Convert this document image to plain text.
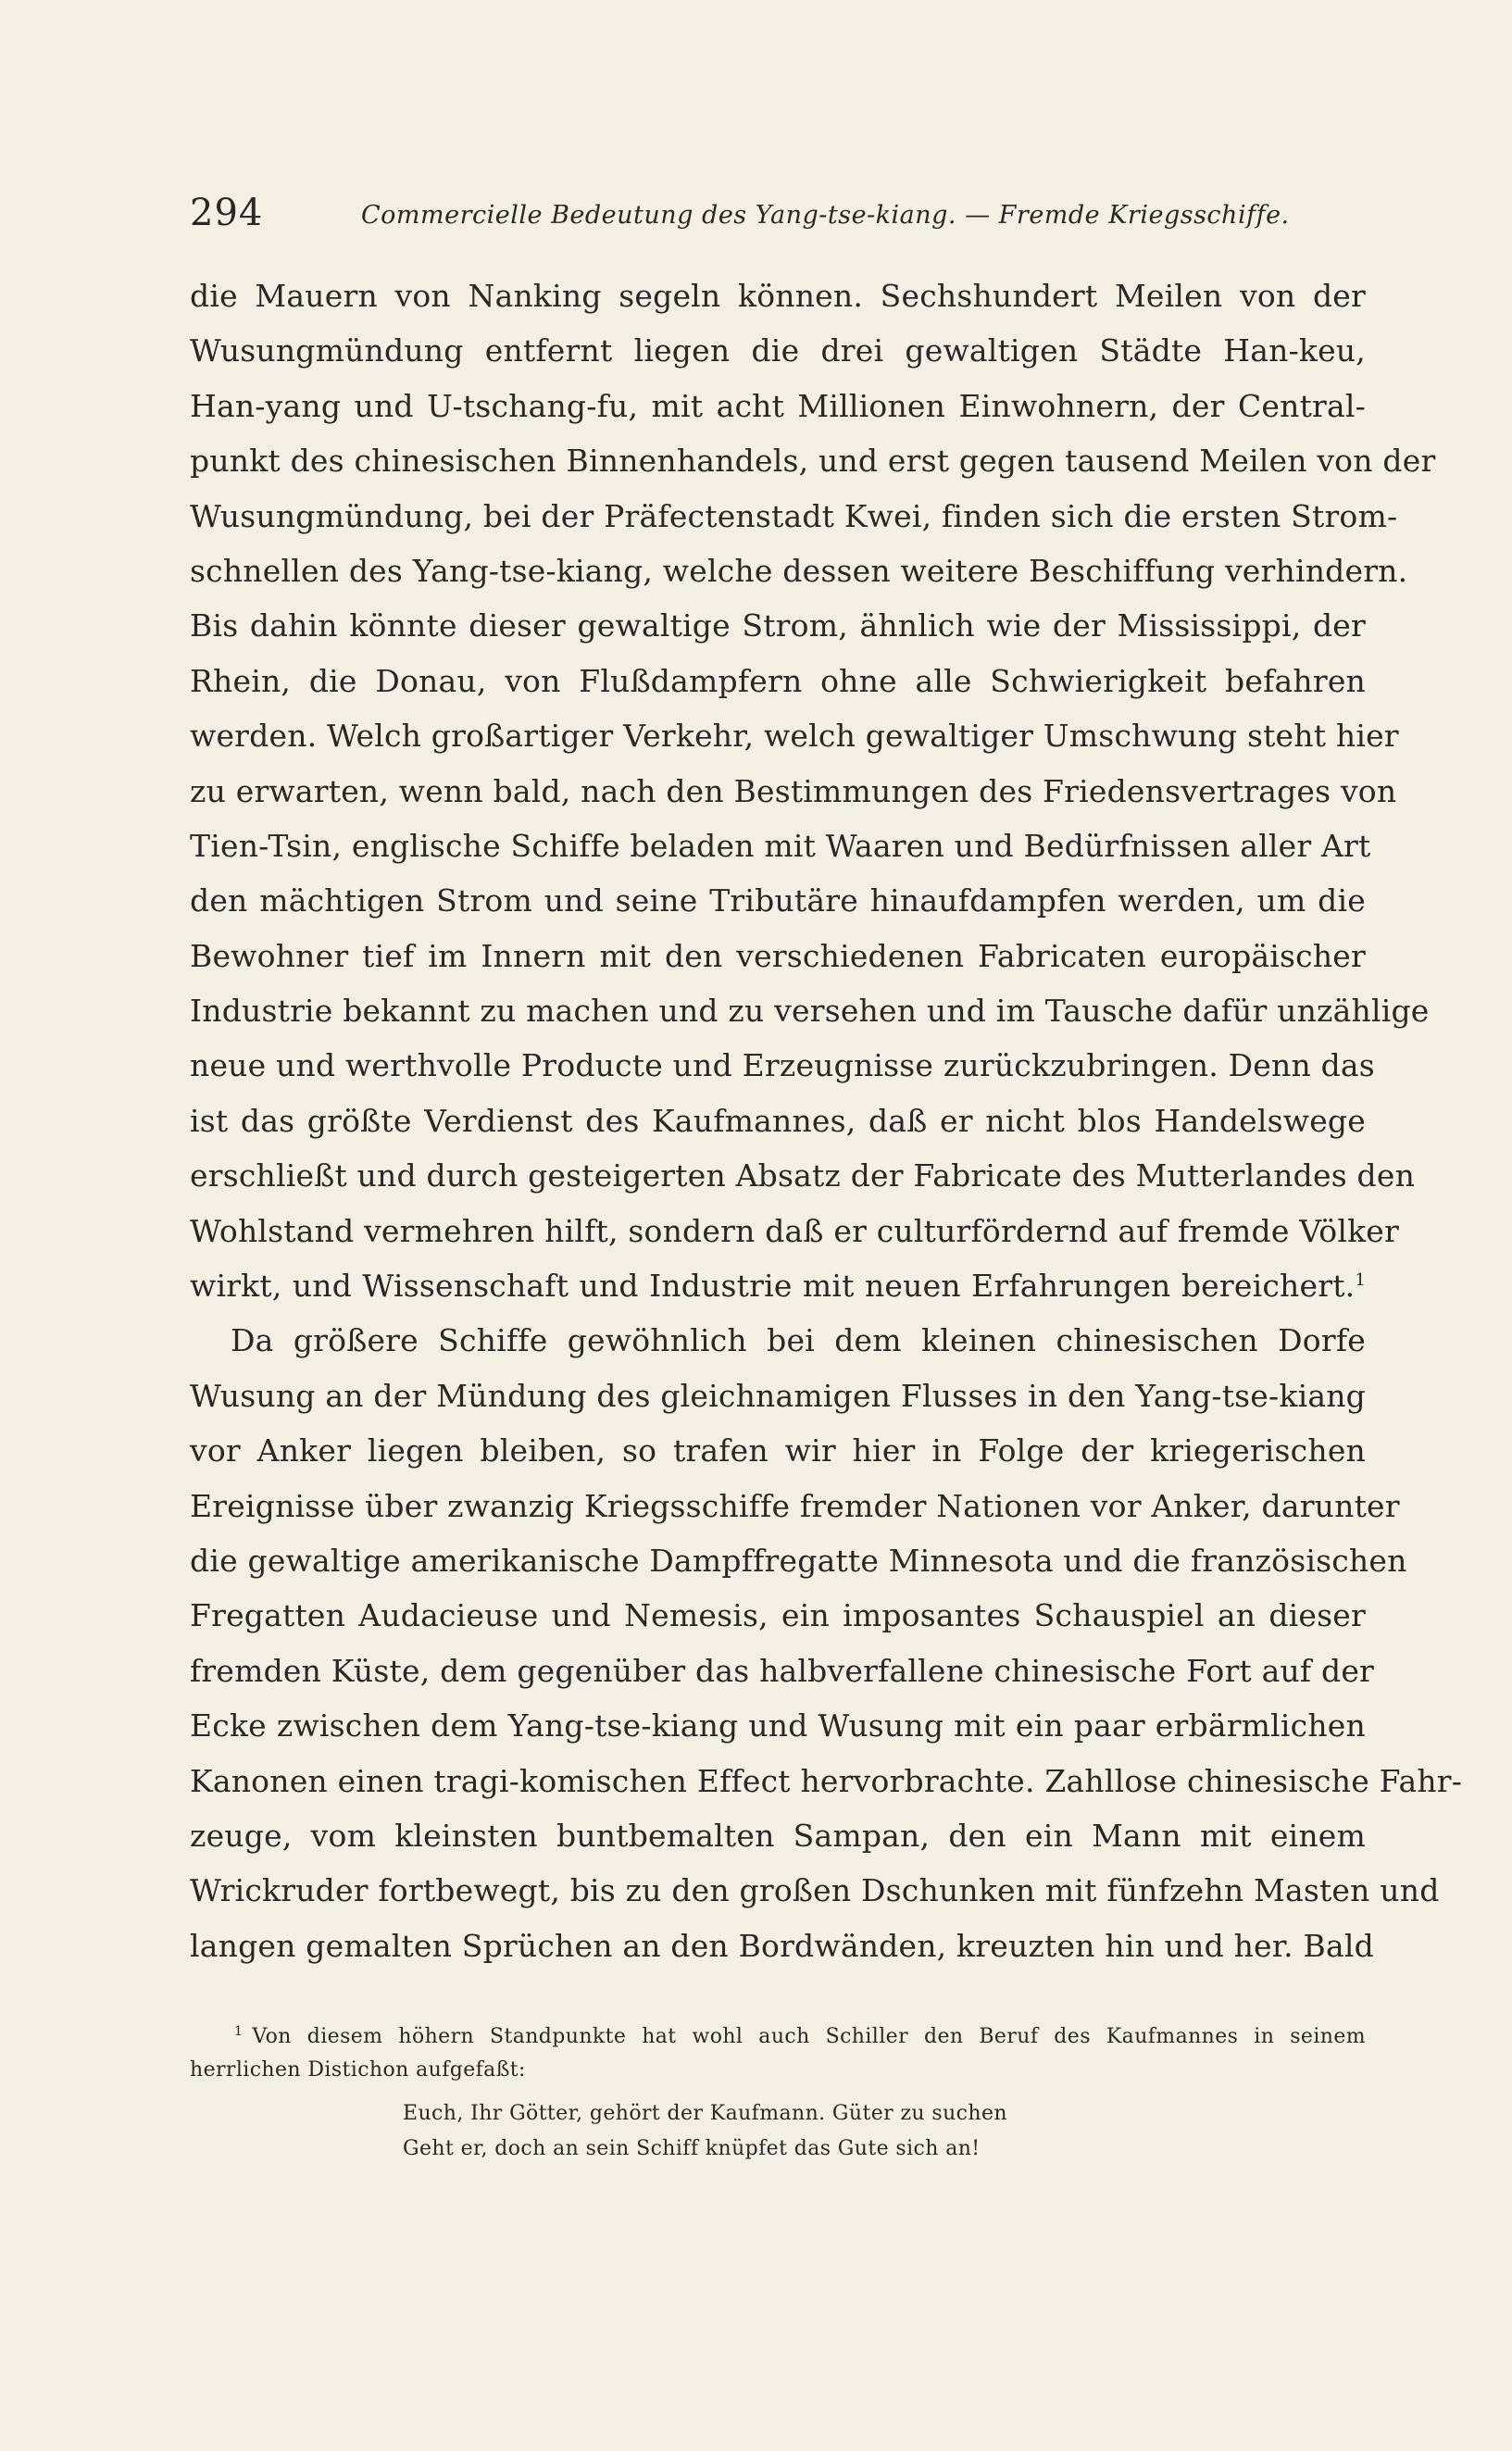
294	Commercielle Bedeutung des Yang-tse-kiang. — Fremde Kriegsschiffe.
die Mauern von Nanking segeln können. Sechshundert Meilen von der
Wusungmündung entfernt liegen die drei gewaltigen Städte Han-keu,
Han-yang und U-tschang-fu, mit acht Millionen Einwohnern, der Central-
punkt des chinesischen Binnenhandels, und erst gegen tausend Meilen von der
Wusungmündung, bei der Präfectenstadt Kwei, finden sich die ersten Strom-
schnellen des Yang-tse-kiang, welche dessen weitere Beschiffung verhindern.
Bis dahin könnte dieser gewaltige Strom, ähnlich wie der Mississippi, der
Rhein, die Donau, von Flußdampfern ohne alle Schwierigkeit befahren
werden. Welch großartiger Verkehr, welch gewaltiger Umschwung steht hier
zu erwarten, wenn bald, nach den Bestimmungen des Friedensvertrages von
Tien-Tsin, englische Schiffe beladen mit Waaren und Bedürfnissen aller Art
den mächtigen Strom und seine Tributäre hinaufdampfen werden, um die
Bewohner tief im Innern mit den verschiedenen Fabricaten europäischer
Industrie bekannt zu machen und zu versehen und im Tausche dafür unzählige
neue und werthvolle Producte und Erzeugnisse zurückzubringen. Denn das
ist das größte Verdienst des Kaufmannes, daß er nicht blos Handelswege
erschließt und durch gesteigerten Absatz der Fabricate des Mutterlandes den
Wohlstand vermehren hilft, sondern daß er culturfördernd auf fremde Völker
wirkt, und Wissenschaft und Industrie mit neuen Erfahrungen bereichert.$^1$
Da größere Schiffe gewöhnlich bei dem kleinen chinesischen Dorfe
Wusung an der Mündung des gleichnamigen Flusses in den Yang-tse-kiang
vor Anker liegen bleiben, so trafen wir hier in Folge der kriegerischen
Ereignisse über zwanzig Kriegsschiffe fremder Nationen vor Anker, darunter
die gewaltige amerikanische Dampffregatte Minnesota und die französischen
Fregatten Audacieuse und Nemesis, ein imposantes Schauspiel an dieser
fremden Küste, dem gegenüber das halbverfallene chinesische Fort auf der
Ecke zwischen dem Yang-tse-kiang und Wusung mit ein paar erbärmlichen
Kanonen einen tragi-komischen Effect hervorbrachte. Zahllose chinesische Fahr-
zeuge, vom kleinsten buntbemalten Sampan, den ein Mann mit einem
Wrickruder fortbewegt, bis zu den großen Dschunken mit fünfzehn Masten und
langen gemalten Sprüchen an den Bordwänden, kreuzten hin und her. Bald
$^1$ Von diesem höhern Standpunkte hat wohl auch Schiller den Beruf des Kaufmannes in seinem
herrlichen Distichon aufgefaßt:
Euch, Ihr Götter, gehört der Kaufmann. Güter zu suchen
Geht er, doch an sein Schiff knüpfet das Gute sich an!
